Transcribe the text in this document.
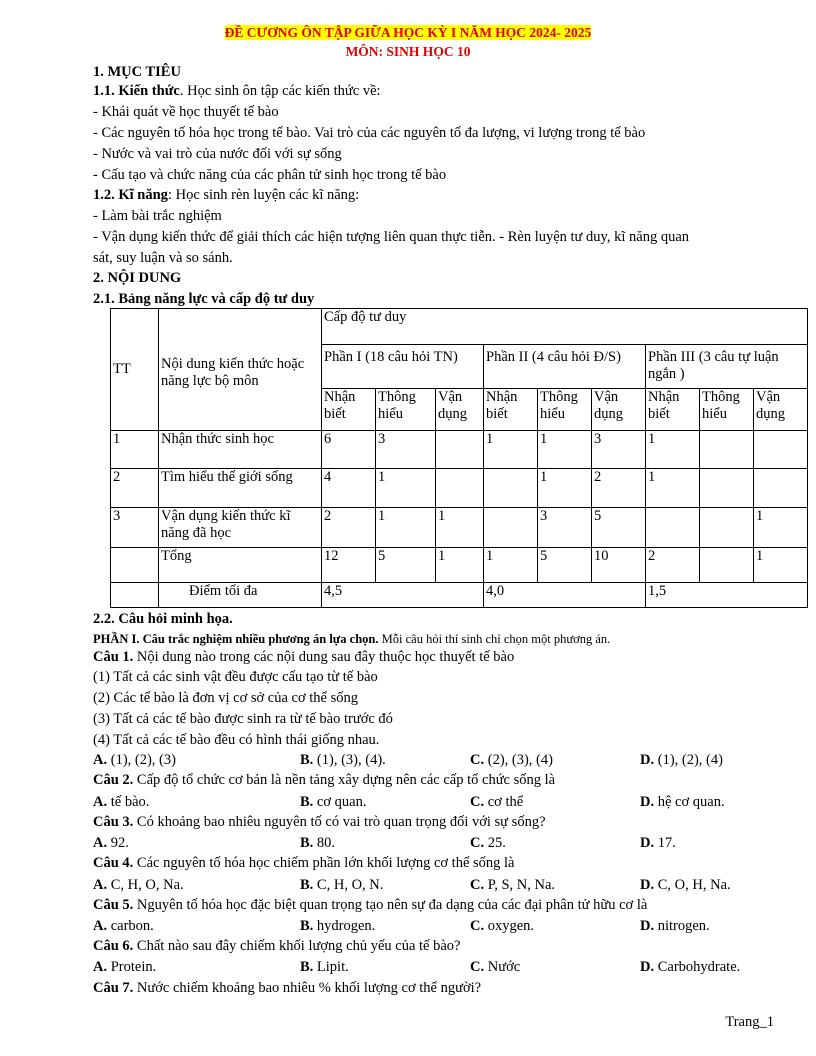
ĐỀ CƯƠNG ÔN TẬP GIỮA HỌC KỲ I NĂM HỌC 2024- 2025
MÔN: SINH HỌC 10
1. MỤC TIÊU
1.1. Kiến thức. Học sinh ôn tập các kiến thức về:
- Khái quát về học thuyết tế bào
- Các nguyên tố hóa học trong tế bào. Vai trò của các nguyên tố đa lượng, vi lượng trong tế bào
- Nước và vai trò của nước đối với sự sống
- Cấu tạo và chức năng của các phân tử sinh học trong tế bào
1.2. Kĩ năng: Học sinh rèn luyện các kĩ năng:
- Làm bài trắc nghiệm
- Vận dụng kiến thức để giải thích các hiện tượng liên quan thực tiễn. - Rèn luyện tư duy, kĩ năng quan
sát, suy luận và so sánh.
2. NỘI DUNG
2.1. Bảng năng lực và cấp độ tư duy
TT	Nội dung kiến thức hoặc năng lực bộ môn	Cấp độ tư duy								
		Phần I (18 câu hỏi TN)			Phần II (4 câu hỏi Đ/S)			Phần III (3 câu tự luận ngắn )		
		Nhận biết	Thông hiểu	Vận dụng	Nhận biết	Thông hiểu	Vận dụng	Nhận biết	Thông hiểu	Vận dụng
1	Nhận thức sinh học	6	3		1	1	3	1		
2	Tìm hiểu thế giới sống	4	1			1	2	1		
3	Vận dụng kiến thức kĩ năng đã học	2	1	1		3	5			1
	Tổng	12	5	1	1	5	10	2		1
	Điểm tối đa	4,5			4,0			1,5		
2.2. Câu hỏi minh họa.
PHẦN I. Câu trắc nghiệm nhiều phương án lựa chọn. Mỗi câu hỏi thí sinh chỉ chọn một phương án.
Câu 1. Nội dung nào trong các nội dung sau đây thuộc học thuyết tế bào
(1) Tất cả các sinh vật đều được cấu tạo từ tế bào
(2) Các tế bào là đơn vị cơ sở của cơ thể sống
(3) Tất cả các tế bào được sinh ra từ tế bào trước đó
(4) Tất cả các tế bào đều có hình thái giống nhau.
A. (1), (2), (3)	B. (1), (3), (4).	C. (2), (3), (4)	D. (1), (2), (4)
Câu 2. Cấp độ tổ chức cơ bản là nền tảng xây dựng nên các cấp tổ chức sống là
A. tế bào.	B. cơ quan.	C. cơ thể	D. hệ cơ quan.
Câu 3. Có khoảng bao nhiêu nguyên tố có vai trò quan trọng đối với sự sống?
A. 92.	B. 80.	C. 25.	D. 17.
Câu 4. Các nguyên tố hóa học chiếm phần lớn khối lượng cơ thể sống là
A. C, H, O, Na.	B. C, H, O, N.	C. P, S, N, Na.	D. C, O, H, Na.
Câu 5. Nguyên tố hóa học đặc biệt quan trọng tạo nên sự đa dạng của các đại phân tử hữu cơ là
A. carbon.	B. hydrogen.	C. oxygen.	D. nitrogen.
Câu 6. Chất nào sau đây chiếm khối lượng chủ yếu của tế bào?
A. Protein.	B. Lipit.	C. Nước	D. Carbohydrate.
Câu 7. Nước chiếm khoảng bao nhiêu % khối lượng cơ thể người?
Trang_1
